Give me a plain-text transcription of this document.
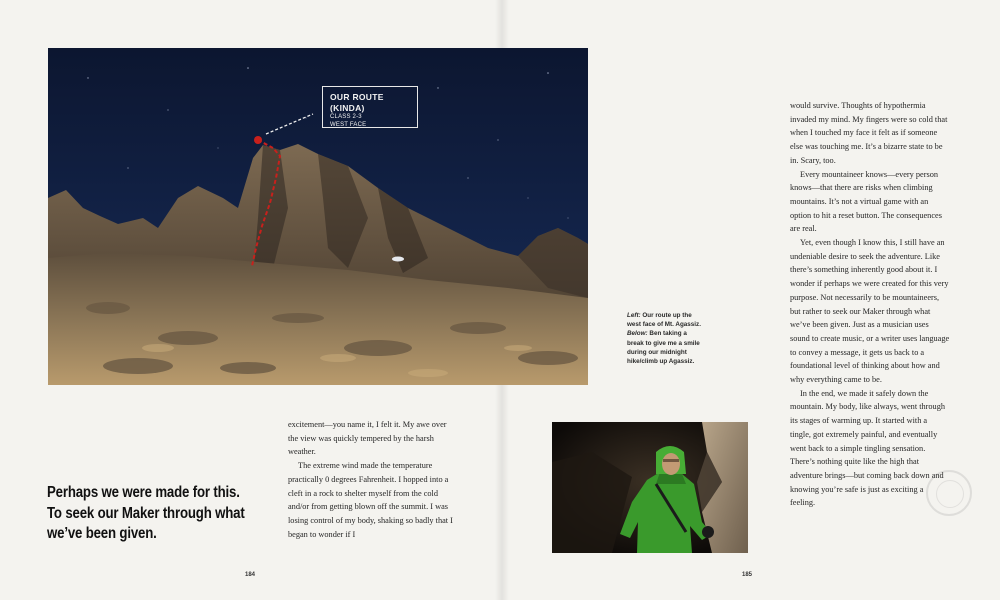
OUR ROUTE (KINDA)
CLASS 2-3
WEST FACE
Left: Our route up the west face of Mt. Agassiz. Below: Ben taking a break to give me a smile during our midnight hike/climb up Agassiz.
Perhaps we were made for this. To seek our Maker through what we’ve been given.

excitement—you name it, I felt it. My awe over the view was quickly tempered by the harsh weather.

The extreme wind made the temperature practically 0 degrees Fahrenheit. I hopped into a cleft in a rock to shelter myself from the cold and/or from getting blown off the summit. I was losing control of my body, shaking so badly that I began to wonder if I

would survive. Thoughts of hypothermia invaded my mind. My fingers were so cold that when I touched my face it felt as if someone else was touching me. It’s a bizarre state to be in. Scary, too.

Every mountaineer knows—every person knows—that there are risks when climbing mountains. It’s not a virtual game with an option to hit a reset button. The consequences are real.

Yet, even though I know this, I still have an undeniable desire to seek the adventure. Like there’s something inherently good about it. I wonder if perhaps we were created for this very purpose. Not necessarily to be mountaineers, but rather to seek our Maker through what we’ve been given. Just as a musician uses sound to create music, or a writer uses language to convey a message, it gets us back to a foundational level of thinking about how and why everything came to be.

In the end, we made it safely down the mountain. My body, like always, went through its stages of warming up. It started with a tingle, got extremely painful, and eventually went back to a simple tingling sensation. There’s nothing quite like the high that adventure brings—but coming back down and knowing you’re safe is just as exciting a feeling.

184	185
